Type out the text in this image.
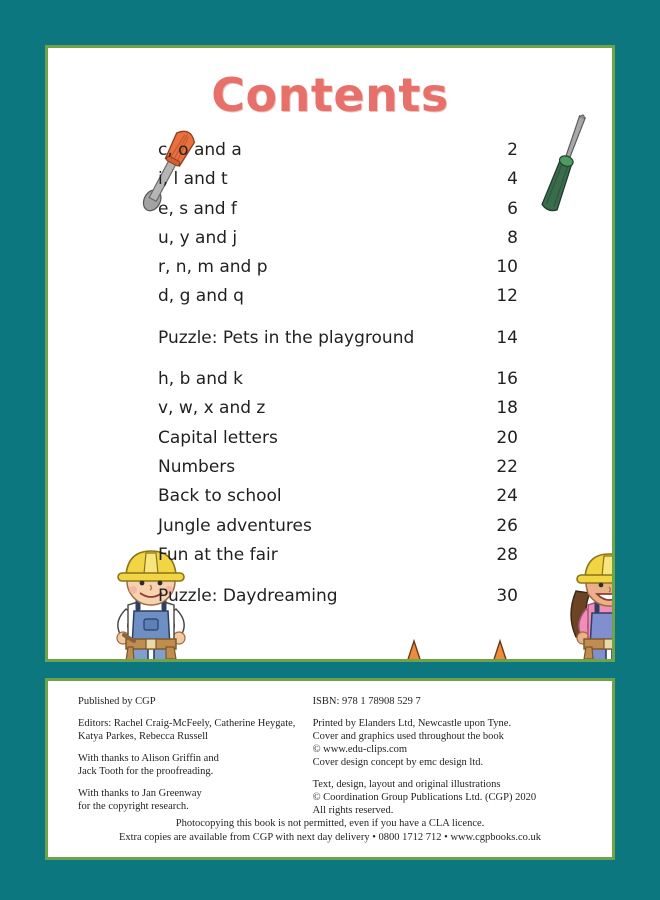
Contents
c, o and a	2
i, l and t	4
e, s and f	6
u, y and j	8
r, n, m and p	10
d, g and q	12
Puzzle: Pets in the playground	14
h, b and k	16
v, w, x and z	18
Capital letters	20
Numbers	22
Back to school	24
Jungle adventures	26
Fun at the fair	28
Puzzle: Daydreaming	30
Published by CGP
Editors: Rachel Craig-McFeely, Catherine Heygate,
Katya Parkes, Rebecca Russell
With thanks to Alison Griffin and
Jack Tooth for the proofreading.
With thanks to Jan Greenway
for the copyright research.
ISBN: 978 1 78908 529 7
Printed by Elanders Ltd, Newcastle upon Tyne.
Cover and graphics used throughout the book
© www.edu-clips.com
Cover design concept by emc design ltd.
Text, design, layout and original illustrations
© Coordination Group Publications Ltd. (CGP) 2020
All rights reserved.
Photocopying this book is not permitted, even if you have a CLA licence.
Extra copies are available from CGP with next day delivery • 0800 1712 712 • www.cgpbooks.co.uk
